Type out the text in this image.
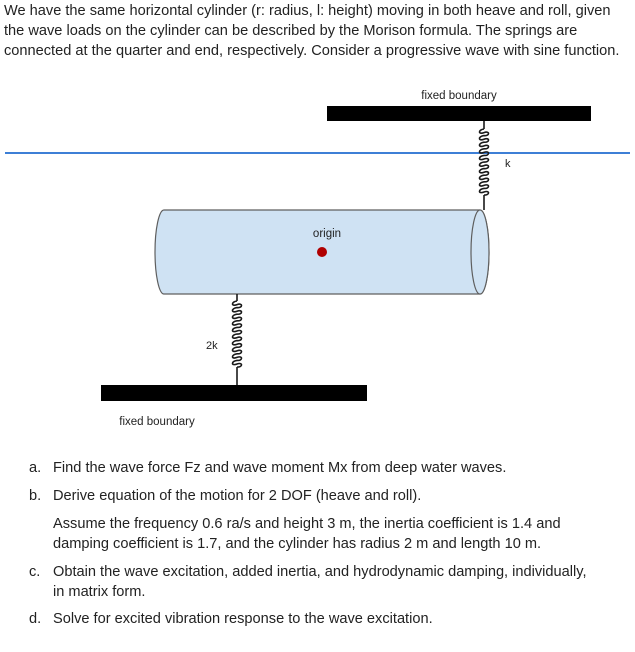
We have the same horizontal cylinder (r: radius, l: height) moving in both heave and roll, given the wave loads on the cylinder can be described by the Morison formula. The springs are connected at the quarter and end, respectively. Consider a progressive wave with sine function.

fixed boundary
k
origin
2k
fixed boundary
a. Find the wave force Fz and wave moment Mx from deep water waves.
b. Derive equation of the motion for 2 DOF (heave and roll).
Assume the frequency 0.6 ra/s and height 3 m, the inertia coefficient is 1.4 and damping coefficient is 1.7, and the cylinder has radius 2 m and length 10 m.
c. Obtain the wave excitation, added inertia, and hydrodynamic damping, individually, in matrix form.
d. Solve for excited vibration response to the wave excitation.
